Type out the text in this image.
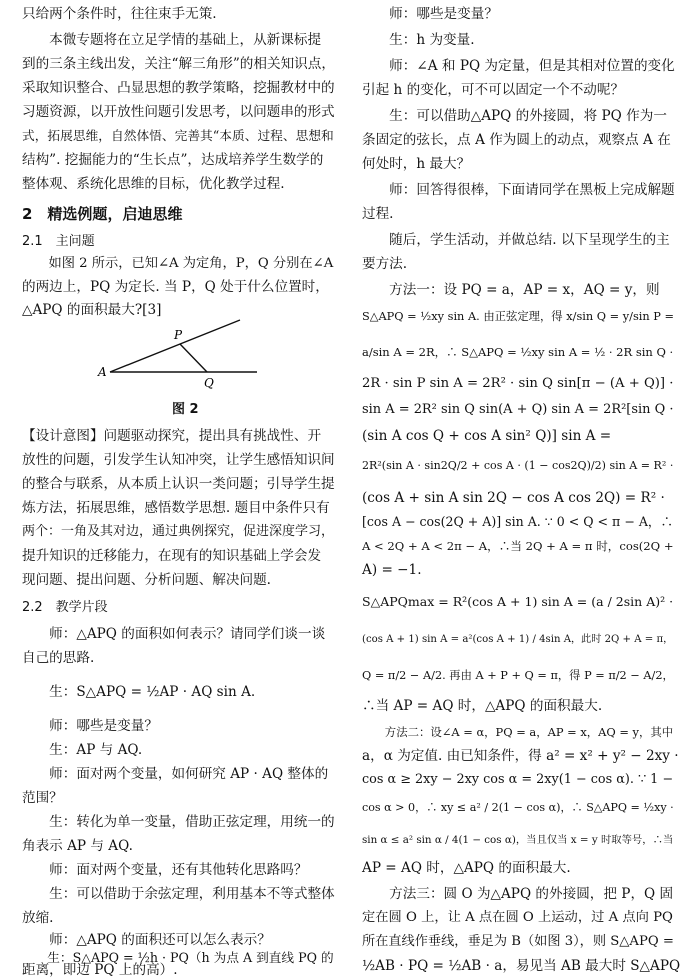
只给两个条件时，往往束手无策.
　　本微专题将在立足学情的基础上，从新课标提
到的三条主线出发，关注“解三角形”的相关知识点，
采取知识整合、凸显思想的教学策略，挖掘教材中的
习题资源，以开放性问题引发思考，以问题串的形式
式，拓展思维，自然体悟、完善其“本质、过程、思想和
结构”. 挖掘能力的“生长点”，达成培养学生数学的
整体观、系统化思维的目标，优化教学过程.
2　精选例题，启迪思维
2.1　主问题
　　如图 2 所示，已知∠A 为定角，P，Q 分别在∠A
的两边上，PQ 为定长. 当 P，Q 处于什么位置时，
△APQ 的面积最大?[3]
A
P
Q
图 2
【设计意图】问题驱动探究，提出具有挑战性、开
放性的问题，引发学生认知冲突，让学生感悟知识间
的整合与联系，从本质上认识一类问题；引导学生提
炼方法，拓展思维，感悟数学思想. 题目中条件只有
两个：一角及其对边，通过典例探究，促进深度学习，
提升知识的迁移能力，在现有的知识基础上学会发
现问题、提出问题、分析问题、解决问题.
2.2　教学片段
　　师：△APQ 的面积如何表示？请同学们谈一谈
自己的思路.
　　生：S△APQ = ½AP · AQ sin A.
　　师：哪些是变量？
　　生：AP 与 AQ.
　　师：面对两个变量，如何研究 AP · AQ 整体的
范围？
　　生：转化为单一变量，借助正弦定理，用统一的
角表示 AP 与 AQ.
　　师：面对两个变量，还有其他转化思路吗？
　　生：可以借助于余弦定理，利用基本不等式整体
放缩.
　　师：△APQ 的面积还可以怎么表示？
　　生：S△APQ = ½h · PQ（h 为点 A 到直线 PQ 的
距离，即边 PQ 上的高）.
　　师：哪些是变量？
　　生：h 为变量.
　　师：∠A 和 PQ 为定量，但是其相对位置的变化
引起 h 的变化，可不可以固定一个不动呢？
　　生：可以借助△APQ 的外接圆，将 PQ 作为一
条固定的弦长，点 A 作为圆上的动点，观察点 A 在
何处时，h 最大？
　　师：回答得很棒，下面请同学在黑板上完成解题
过程.
　　随后，学生活动，并做总结. 以下呈现学生的主
要方法.
　　方法一：设 PQ = a，AP = x，AQ = y，则
S△APQ = ½xy sin A. 由正弦定理，得 x/sin Q = y/sin P =
a/sin A = 2R，∴ S△APQ = ½xy sin A = ½ · 2R sin Q ·
2R · sin P sin A = 2R² · sin Q sin[π − (A + Q)] ·
sin A = 2R² sin Q sin(A + Q) sin A = 2R²[sin Q ·
(sin A cos Q + cos A sin² Q)] sin A =
2R²(sin A · sin2Q/2 + cos A · (1 − cos2Q)/2) sin A = R² ·
(cos A + sin A sin 2Q − cos A cos 2Q) = R² ·
[cos A − cos(2Q + A)] sin A. ∵ 0 < Q < π − A，∴
A < 2Q + A < 2π − A，∴当 2Q + A = π 时，cos(2Q +
A) = −1.
S△APQmax = R²(cos A + 1) sin A = (a / 2sin A)² ·
(cos A + 1) sin A = a²(cos A + 1) / 4sin A，此时 2Q + A = π，
Q = π/2 − A/2. 再由 A + P + Q = π，得 P = π/2 − A/2，
∴当 AP = AQ 时，△APQ 的面积最大.
　　方法二：设∠A = α，PQ = a，AP = x，AQ = y，其中
a，α 为定值. 由已知条件，得 a² = x² + y² − 2xy ·
cos α ≥ 2xy − 2xy cos α = 2xy(1 − cos α). ∵ 1 −
cos α > 0，∴ xy ≤ a² / 2(1 − cos α)，∴ S△APQ = ½xy ·
sin α ≤ a² sin α / 4(1 − cos α)，当且仅当 x = y 时取等号，∴当
AP = AQ 时，△APQ 的面积最大.
　　方法三：圆 O 为△APQ 的外接圆，把 P，Q 固
定在圆 O 上，让 A 点在圆 O 上运动，过 A 点向 PQ
所在直线作垂线，垂足为 B（如图 3），则 S△APQ =
½AB · PQ = ½AB · a，易见当 AB 最大时 S△APQ
